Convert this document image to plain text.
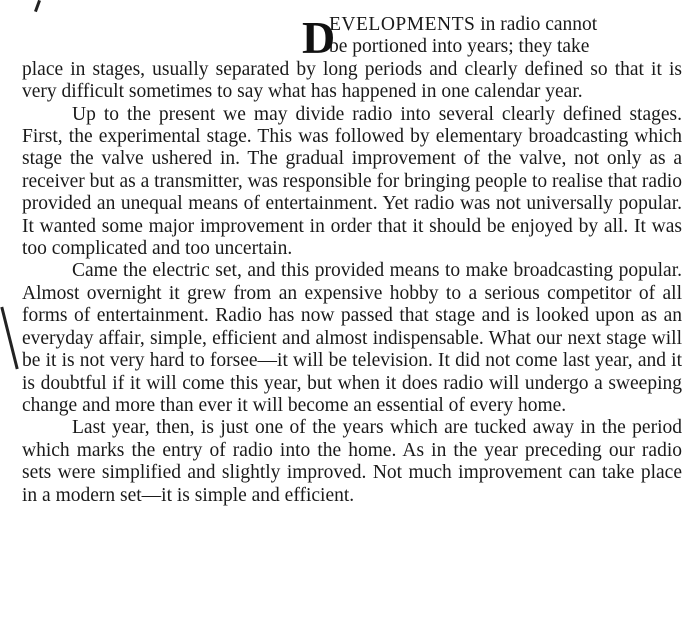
D
EVELOPMENTS in radio cannot
be portioned into years; they take
place in stages, usually separated by long periods and clearly defined so that it is very difficult sometimes to say what has happened in one calendar year.

Up to the present we may divide radio into several clearly defined stages. First, the experimental stage. This was followed by elementary broadcasting which stage the valve ushered in. The gradual improvement of the valve, not only as a receiver but as a transmitter, was responsible for bringing people to realise that radio provided an unequal means of entertainment. Yet radio was not universally popular. It wanted some major improvement in order that it should be enjoyed by all. It was too complicated and too uncertain.

Came the electric set, and this provided means to make broadcasting popular. Almost overnight it grew from an expensive hobby to a serious competitor of all forms of entertainment. Radio has now passed that stage and is looked upon as an everyday affair, simple, efficient and almost indispensable. What our next stage will be it is not very hard to forsee—it will be television. It did not come last year, and it is doubtful if it will come this year, but when it does radio will undergo a sweeping change and more than ever it will become an essential of every home.

Last year, then, is just one of the years which are tucked away in the period which marks the entry of radio into the home. As in the year preceding our radio sets were simplified and slightly improved. Not much improvement can take place in a modern set—it is simple and efficient.
